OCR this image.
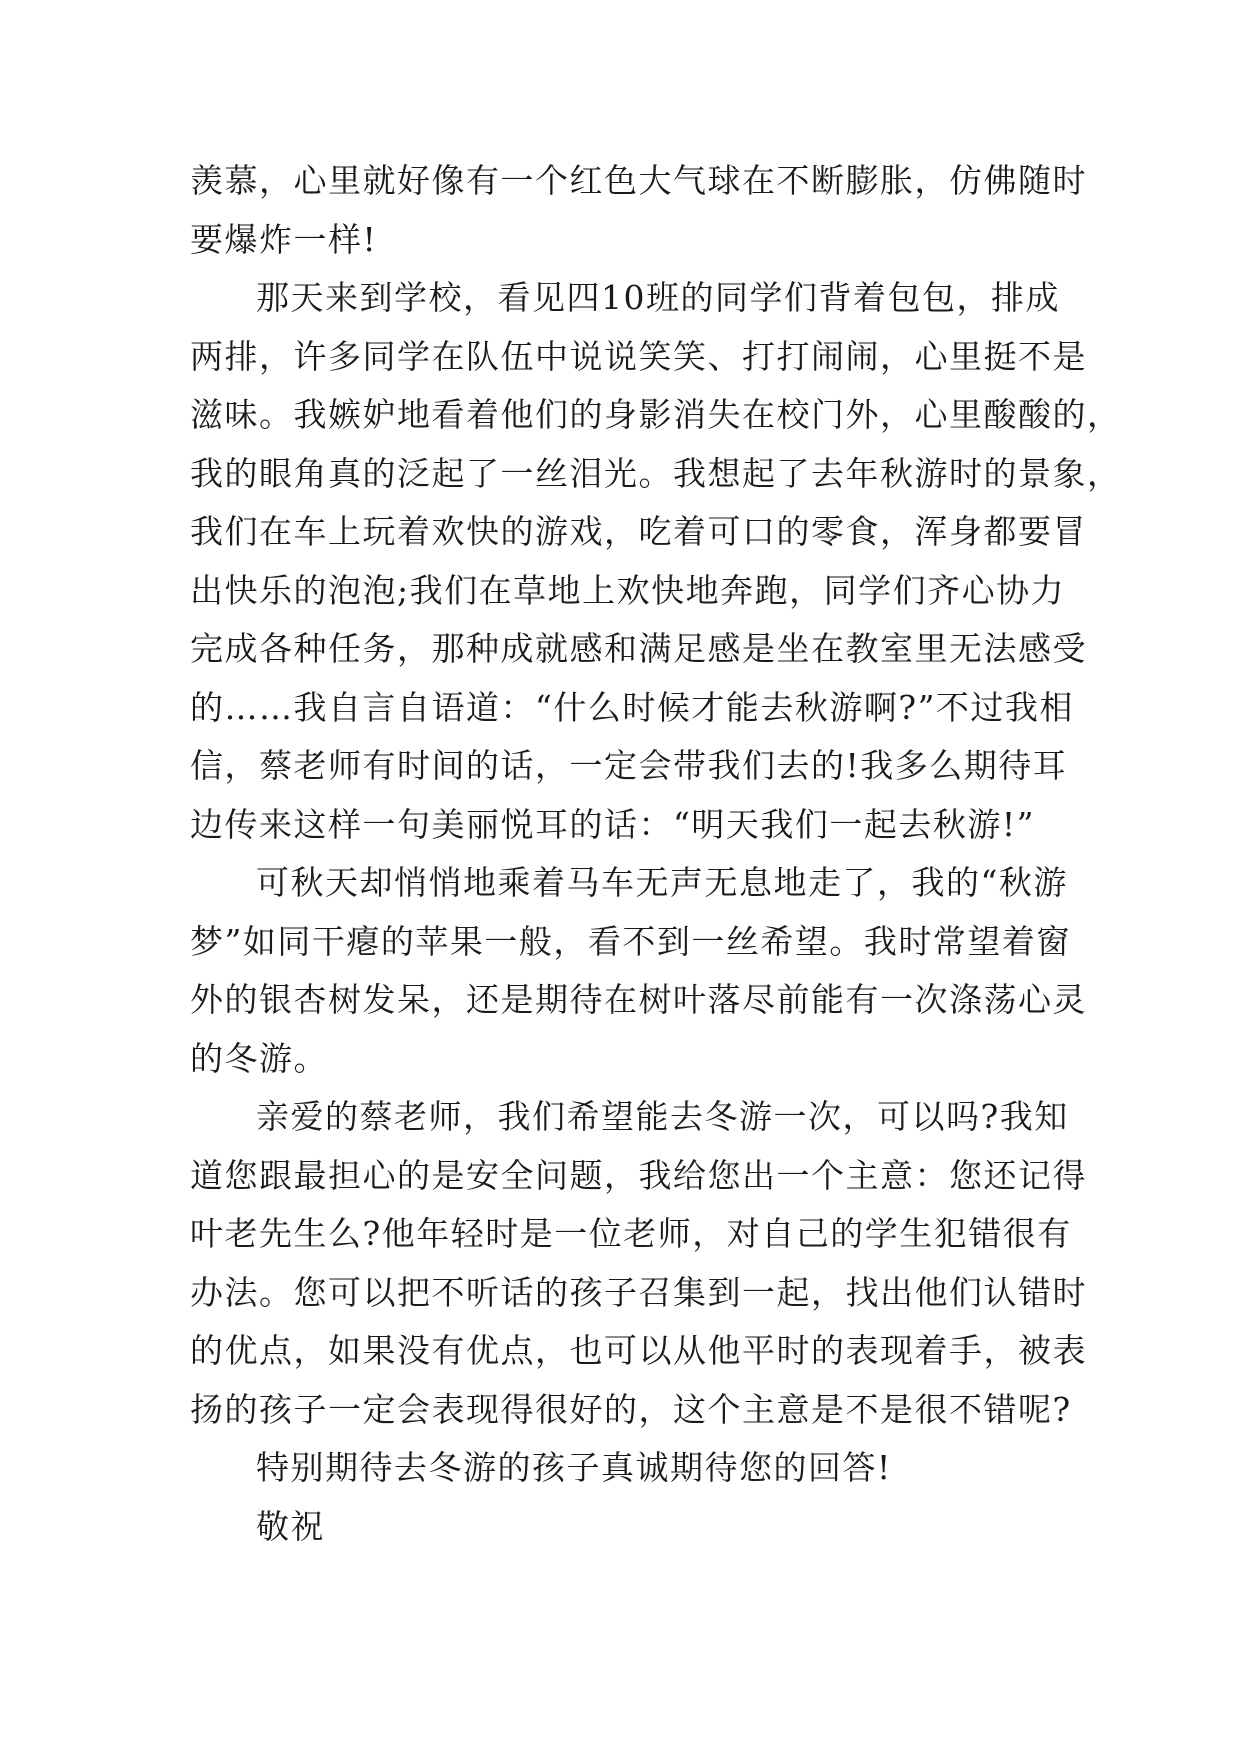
羡慕，心里就好像有一个红色大气球在不断膨胀，仿佛随时
要爆炸一样!
那天来到学校，看见四10班的同学们背着包包，排成
两排，许多同学在队伍中说说笑笑、打打闹闹，心里挺不是
滋味。我嫉妒地看着他们的身影消失在校门外，心里酸酸的，
我的眼角真的泛起了一丝泪光。我想起了去年秋游时的景象，
我们在车上玩着欢快的游戏，吃着可口的零食，浑身都要冒
出快乐的泡泡;我们在草地上欢快地奔跑，同学们齐心协力
完成各种任务，那种成就感和满足感是坐在教室里无法感受
的……我自言自语道：“什么时候才能去秋游啊?”不过我相
信，蔡老师有时间的话，一定会带我们去的!我多么期待耳
边传来这样一句美丽悦耳的话：“明天我们一起去秋游!”
可秋天却悄悄地乘着马车无声无息地走了，我的“秋游
梦”如同干瘪的苹果一般，看不到一丝希望。我时常望着窗
外的银杏树发呆，还是期待在树叶落尽前能有一次涤荡心灵
的冬游。
亲爱的蔡老师，我们希望能去冬游一次，可以吗?我知
道您跟最担心的是安全问题，我给您出一个主意：您还记得
叶老先生么?他年轻时是一位老师，对自己的学生犯错很有
办法。您可以把不听话的孩子召集到一起，找出他们认错时
的优点，如果没有优点，也可以从他平时的表现着手，被表
扬的孩子一定会表现得很好的，这个主意是不是很不错呢?
特别期待去冬游的孩子真诚期待您的回答!
敬祝
